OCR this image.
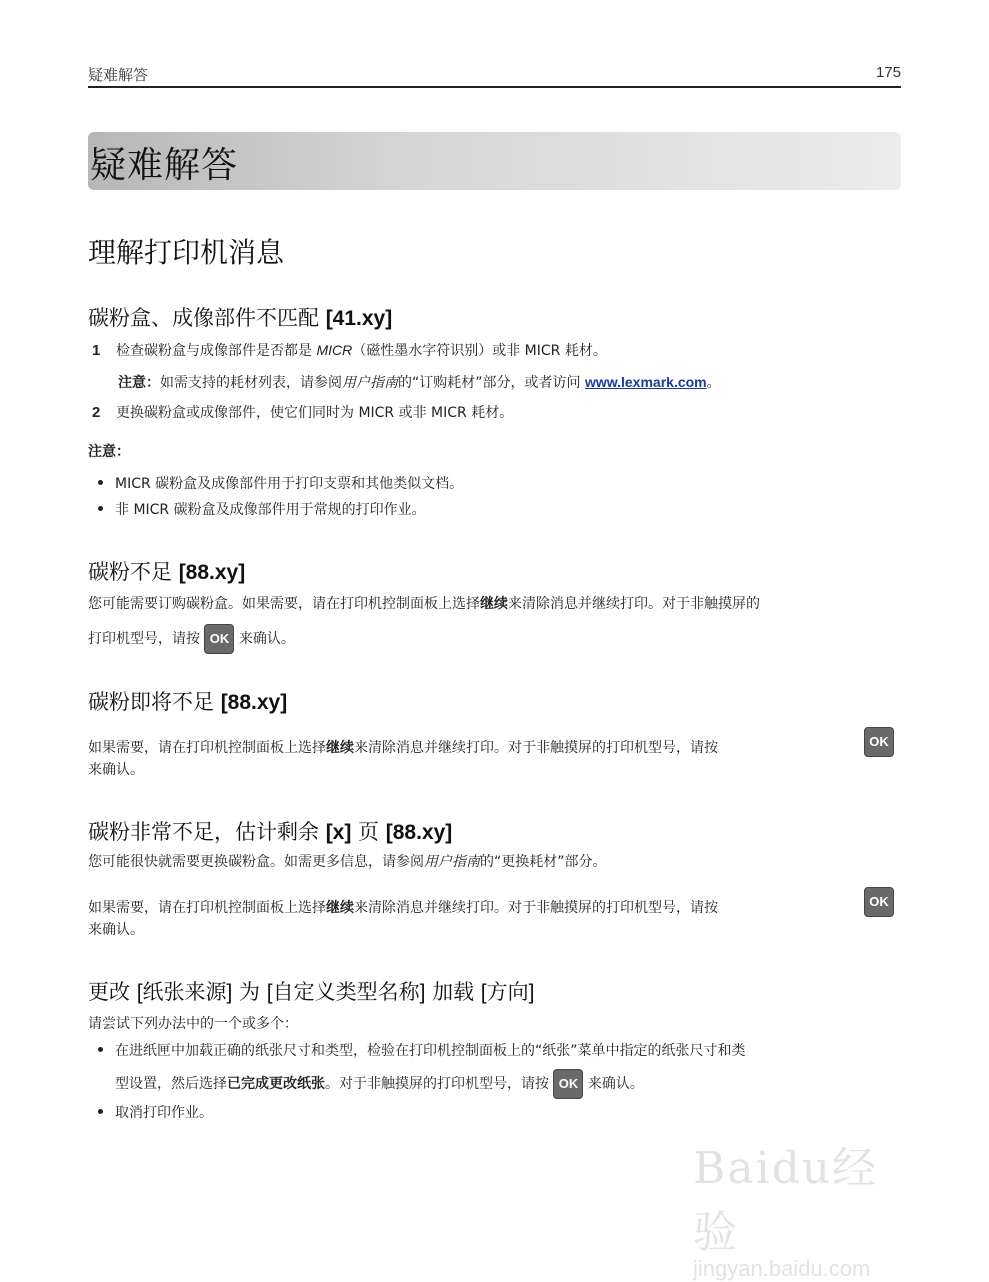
疑难解答	175
疑难解答
理解打印机消息
碳粉盒、成像部件不匹配 [41.xy]
1 检查碳粉盒与成像部件是否都是 MICR（磁性墨水字符识别）或非 MICR 耗材。
注意：如需支持的耗材列表，请参阅用户指南的“订购耗材”部分，或者访问 www.lexmark.com。
2 更换碳粉盒或成像部件，使它们同时为 MICR 或非 MICR 耗材。
注意：
MICR 碳粉盒及成像部件用于打印支票和其他类似文档。
非 MICR 碳粉盒及成像部件用于常规的打印作业。
碳粉不足 [88.xy]
您可能需要订购碳粉盒。如果需要，请在打印机控制面板上选择继续来清除消息并继续打印。对于非触摸屏的
打印机型号，请按 OK 来确认。
碳粉即将不足 [88.xy]
如果需要，请在打印机控制面板上选择继续来清除消息并继续打印。对于非触摸屏的打印机型号，请按	OK
来确认。
碳粉非常不足，估计剩余 [x] 页 [88.xy]
您可能很快就需要更换碳粉盒。如需更多信息，请参阅用户指南的“更换耗材”部分。
如果需要，请在打印机控制面板上选择继续来清除消息并继续打印。对于非触摸屏的打印机型号，请按	OK
来确认。
更改 [纸张来源] 为 [自定义类型名称] 加载 [方向]
请尝试下列办法中的一个或多个：
在进纸匣中加载正确的纸张尺寸和类型，检验在打印机控制面板上的“纸张”菜单中指定的纸张尺寸和类
型设置，然后选择已完成更改纸张。对于非触摸屏的打印机型号，请按 OK 来确认。
取消打印作业。
Baidu经验
jingyan.baidu.com
